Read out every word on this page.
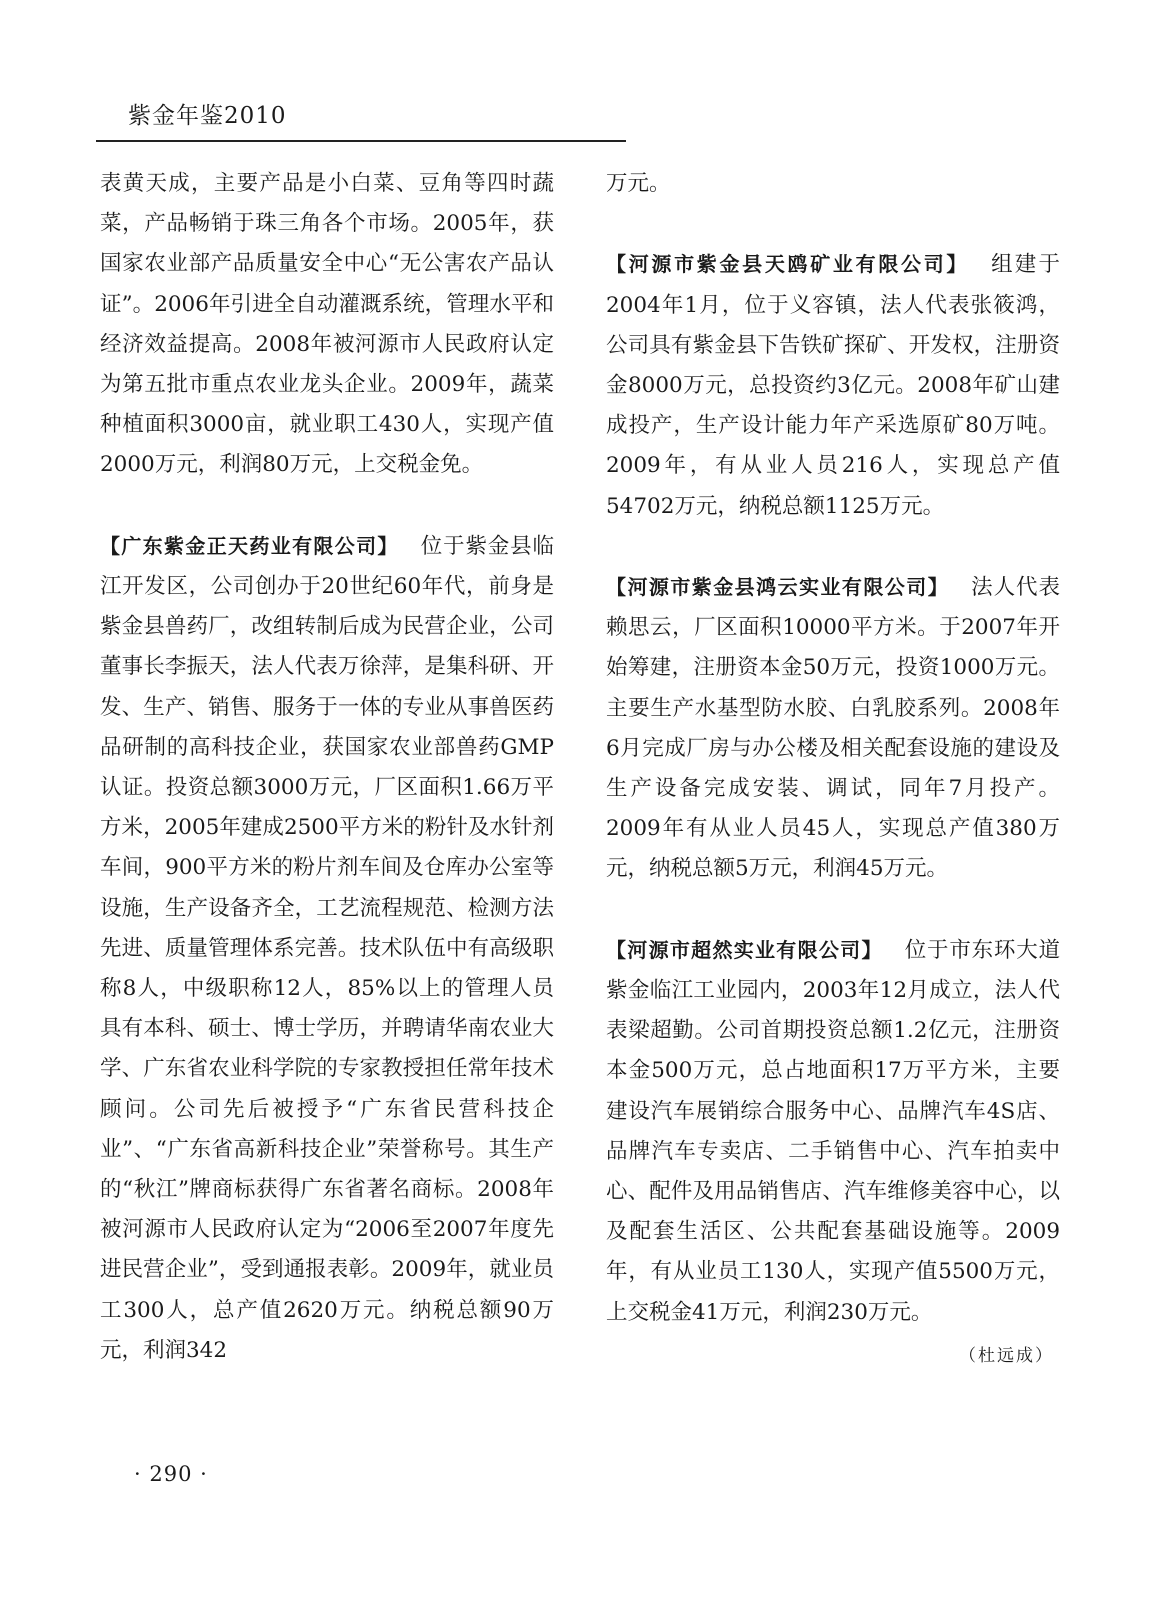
紫金年鉴2010

表黄天成，主要产品是小白菜、豆角等四时蔬菜，产品畅销于珠三角各个市场。2005年，获国家农业部产品质量安全中心“无公害农产品认证”。2006年引进全自动灌溉系统，管理水平和经济效益提高。2008年被河源市人民政府认定为第五批市重点农业龙头企业。2009年，蔬菜种植面积3000亩，就业职工430人，实现产值2000万元，利润80万元，上交税金免。

【广东紫金正天药业有限公司】 位于紫金县临江开发区，公司创办于20世纪60年代，前身是紫金县兽药厂，改组转制后成为民营企业，公司董事长李振天，法人代表万徐萍，是集科研、开发、生产、销售、服务于一体的专业从事兽医药品研制的高科技企业，获国家农业部兽药GMP认证。投资总额3000万元，厂区面积1.66万平方米，2005年建成2500平方米的粉针及水针剂车间，900平方米的粉片剂车间及仓库办公室等设施，生产设备齐全，工艺流程规范、检测方法先进、质量管理体系完善。技术队伍中有高级职称8人，中级职称12人，85%以上的管理人员具有本科、硕士、博士学历，并聘请华南农业大学、广东省农业科学院的专家教授担任常年技术顾问。公司先后被授予“广东省民营科技企业”、“广东省高新科技企业”荣誉称号。其生产的“秋江”牌商标获得广东省著名商标。2008年被河源市人民政府认定为“2006至2007年度先进民营企业”，受到通报表彰。2009年，就业员工300人，总产值2620万元。纳税总额90万元，利润342

万元。

【河源市紫金县天鸥矿业有限公司】 组建于2004年1月，位于义容镇，法人代表张筱鸿，公司具有紫金县下告铁矿探矿、开发权，注册资金8000万元，总投资约3亿元。2008年矿山建成投产，生产设计能力年产采选原矿80万吨。2009年，有从业人员216人，实现总产值54702万元，纳税总额1125万元。

【河源市紫金县鸿云实业有限公司】 法人代表赖思云，厂区面积10000平方米。于2007年开始筹建，注册资本金50万元，投资1000万元。主要生产水基型防水胶、白乳胶系列。2008年6月完成厂房与办公楼及相关配套设施的建设及生产设备完成安装、调试，同年7月投产。2009年有从业人员45人，实现总产值380万元，纳税总额5万元，利润45万元。

【河源市超然实业有限公司】 位于市东环大道紫金临江工业园内，2003年12月成立，法人代表梁超勤。公司首期投资总额1.2亿元，注册资本金500万元，总占地面积17万平方米，主要建设汽车展销综合服务中心、品牌汽车4S店、品牌汽车专卖店、二手销售中心、汽车拍卖中心、配件及用品销售店、汽车维修美容中心，以及配套生活区、公共配套基础设施等。2009年，有从业员工130人，实现产值5500万元，上交税金41万元，利润230万元。

（杜远成）
· 290 ·
